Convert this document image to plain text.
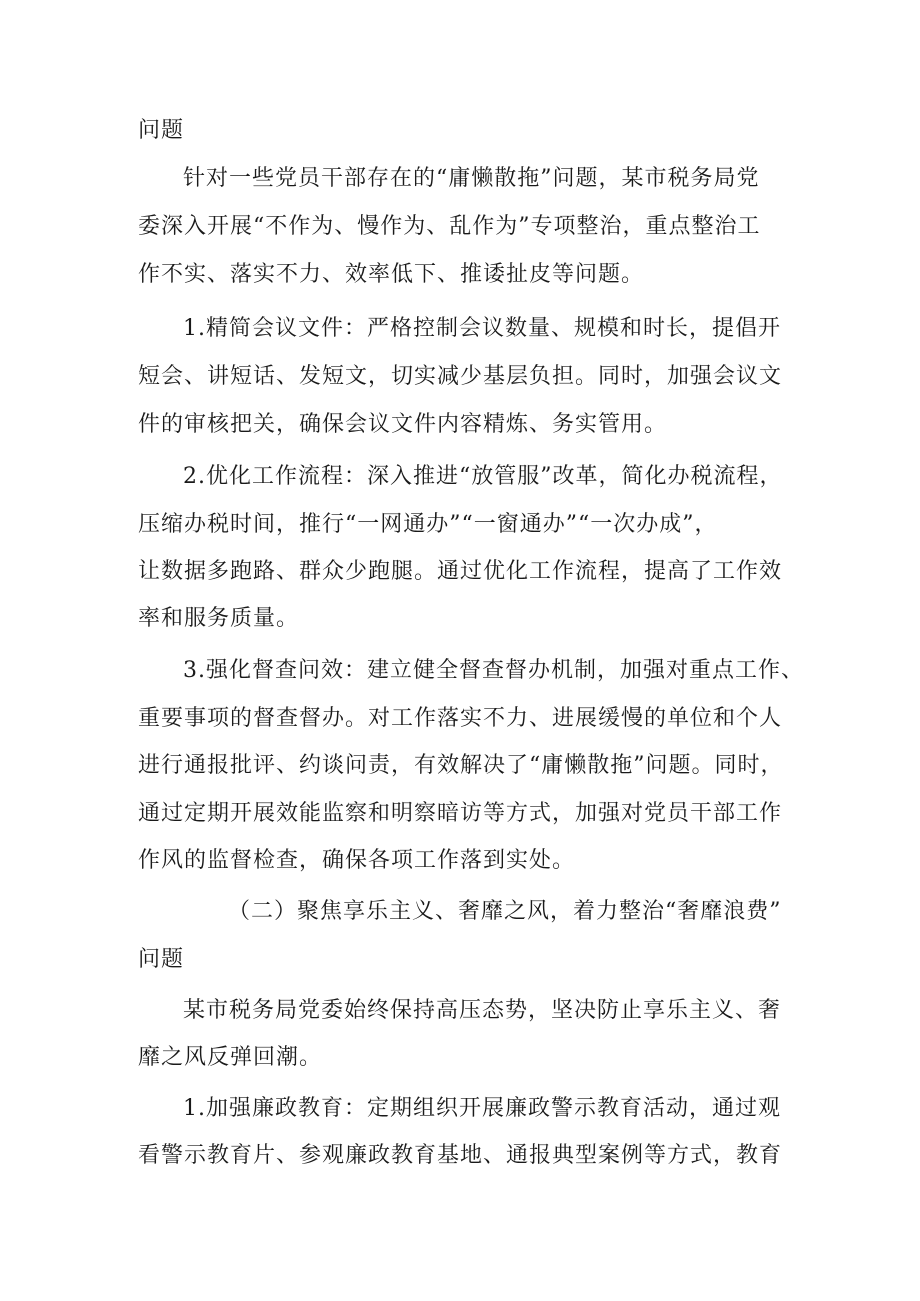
问题
针对一些党员干部存在的“庸懒散拖”问题，某市税务局党
委深入开展“不作为、慢作为、乱作为”专项整治，重点整治工
作不实、落实不力、效率低下、推诿扯皮等问题。
1.精简会议文件：严格控制会议数量、规模和时长，提倡开
短会、讲短话、发短文，切实减少基层负担。同时，加强会议文
件的审核把关，确保会议文件内容精炼、务实管用。
2.优化工作流程：深入推进“放管服”改革，简化办税流程，
压缩办税时间，推行“一网通办”“一窗通办”“一次办成”，
让数据多跑路、群众少跑腿。通过优化工作流程，提高了工作效
率和服务质量。
3.强化督查问效：建立健全督查督办机制，加强对重点工作、
重要事项的督查督办。对工作落实不力、进展缓慢的单位和个人
进行通报批评、约谈问责，有效解决了“庸懒散拖”问题。同时，
通过定期开展效能监察和明察暗访等方式，加强对党员干部工作
作风的监督检查，确保各项工作落到实处。
（二）聚焦享乐主义、奢靡之风，着力整治“奢靡浪费”
问题
某市税务局党委始终保持高压态势，坚决防止享乐主义、奢
靡之风反弹回潮。
1.加强廉政教育：定期组织开展廉政警示教育活动，通过观
看警示教育片、参观廉政教育基地、通报典型案例等方式，教育
